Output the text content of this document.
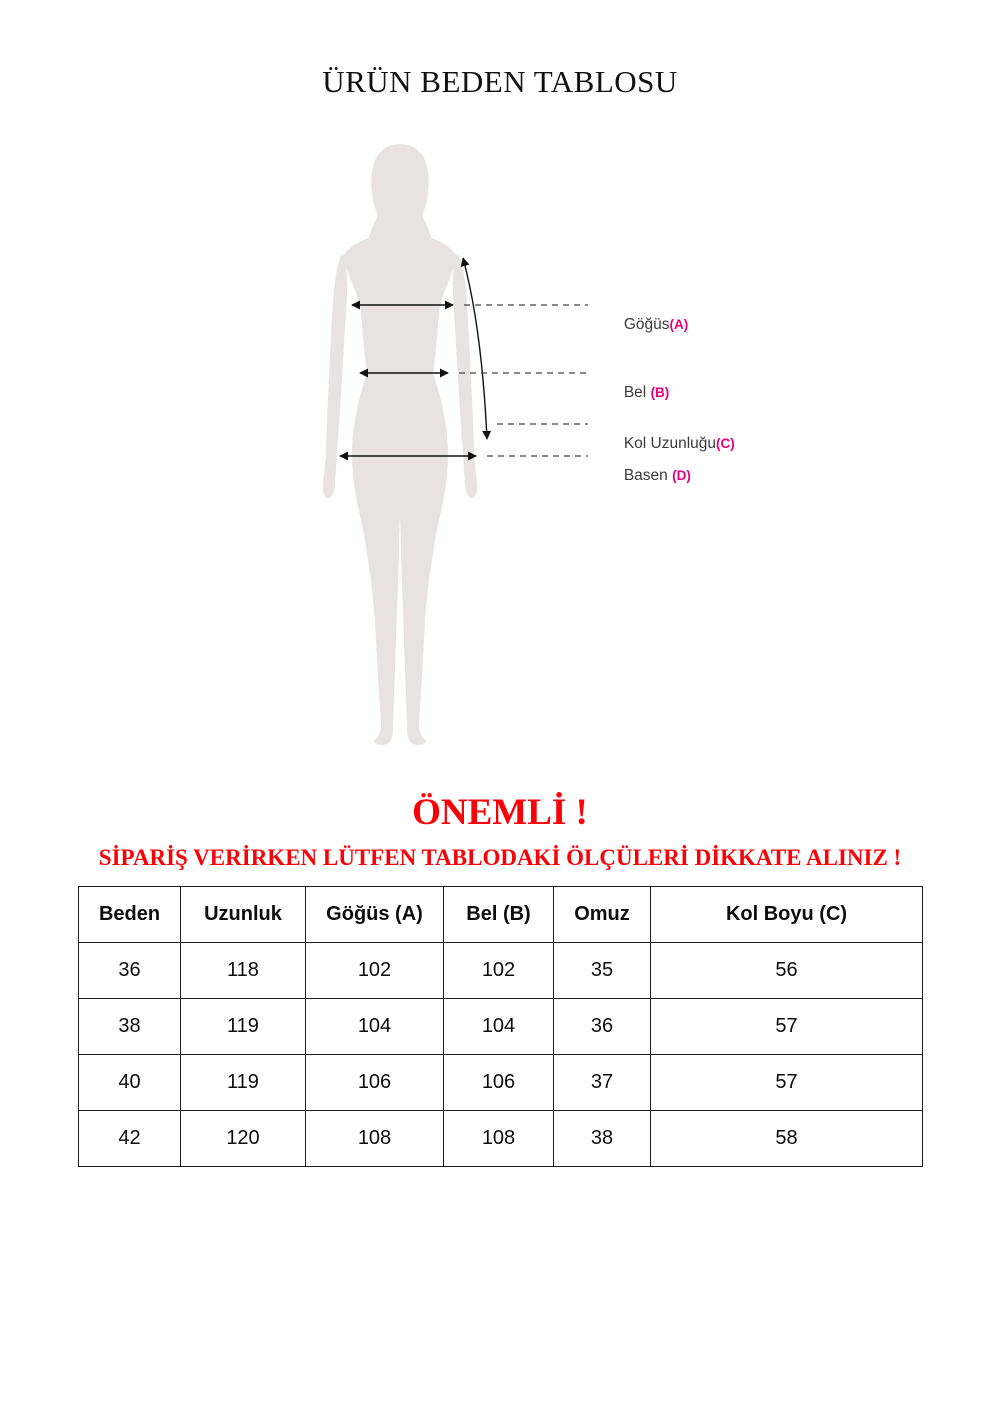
ÜRÜN BEDEN TABLOSU

Göğüs(A)

Bel (B)

Kol Uzunluğu(C)

Basen (D)

ÖNEMLİ !
SİPARİŞ VERİRKEN LÜTFEN TABLODAKİ ÖLÇÜLERİ DİKKATE ALINIZ !
Beden	Uzunluk	Göğüs (A)	Bel (B)	Omuz	Kol Boyu (C)
36	118	102	102	35	56
38	119	104	104	36	57
40	119	106	106	37	57
42	120	108	108	38	58
